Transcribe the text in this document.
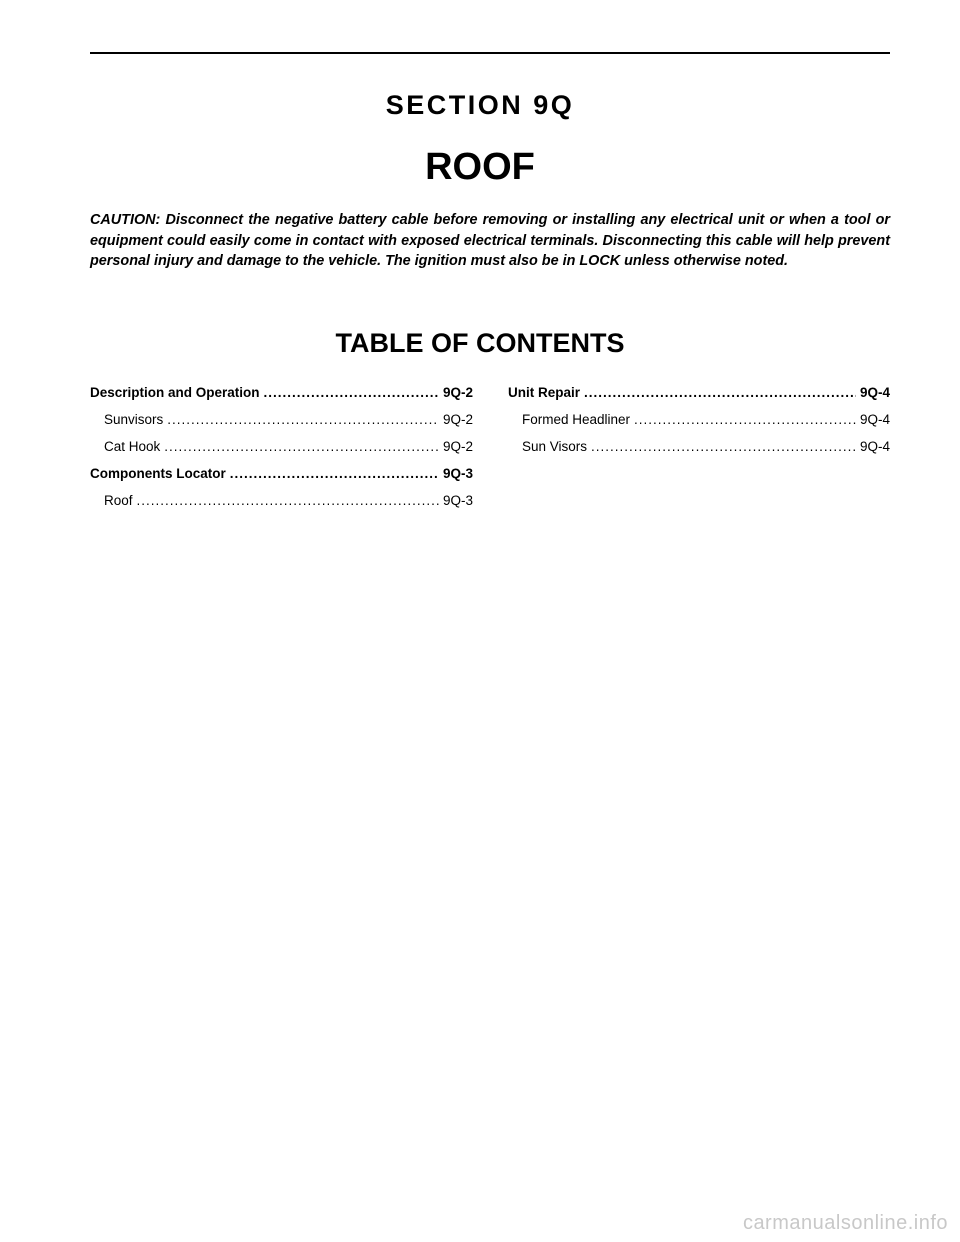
SECTION 9Q
ROOF

CAUTION: Disconnect the negative battery cable before removing or installing any electrical unit or when a tool or equipment could easily come in contact with exposed electrical terminals. Disconnecting this cable will help prevent personal injury and damage to the vehicle. The ignition must also be in LOCK unless otherwise noted.

TABLE OF CONTENTS
Description and Operation .....	9Q-2
Sunvisors .....	9Q-2
Cat Hook .....	9Q-2
Components Locator .....	9Q-3
Roof .....	9Q-3
Unit Repair .....	9Q-4
Formed Headliner .....	9Q-4
Sun Visors .....	9Q-4
carmanualsonline.info
